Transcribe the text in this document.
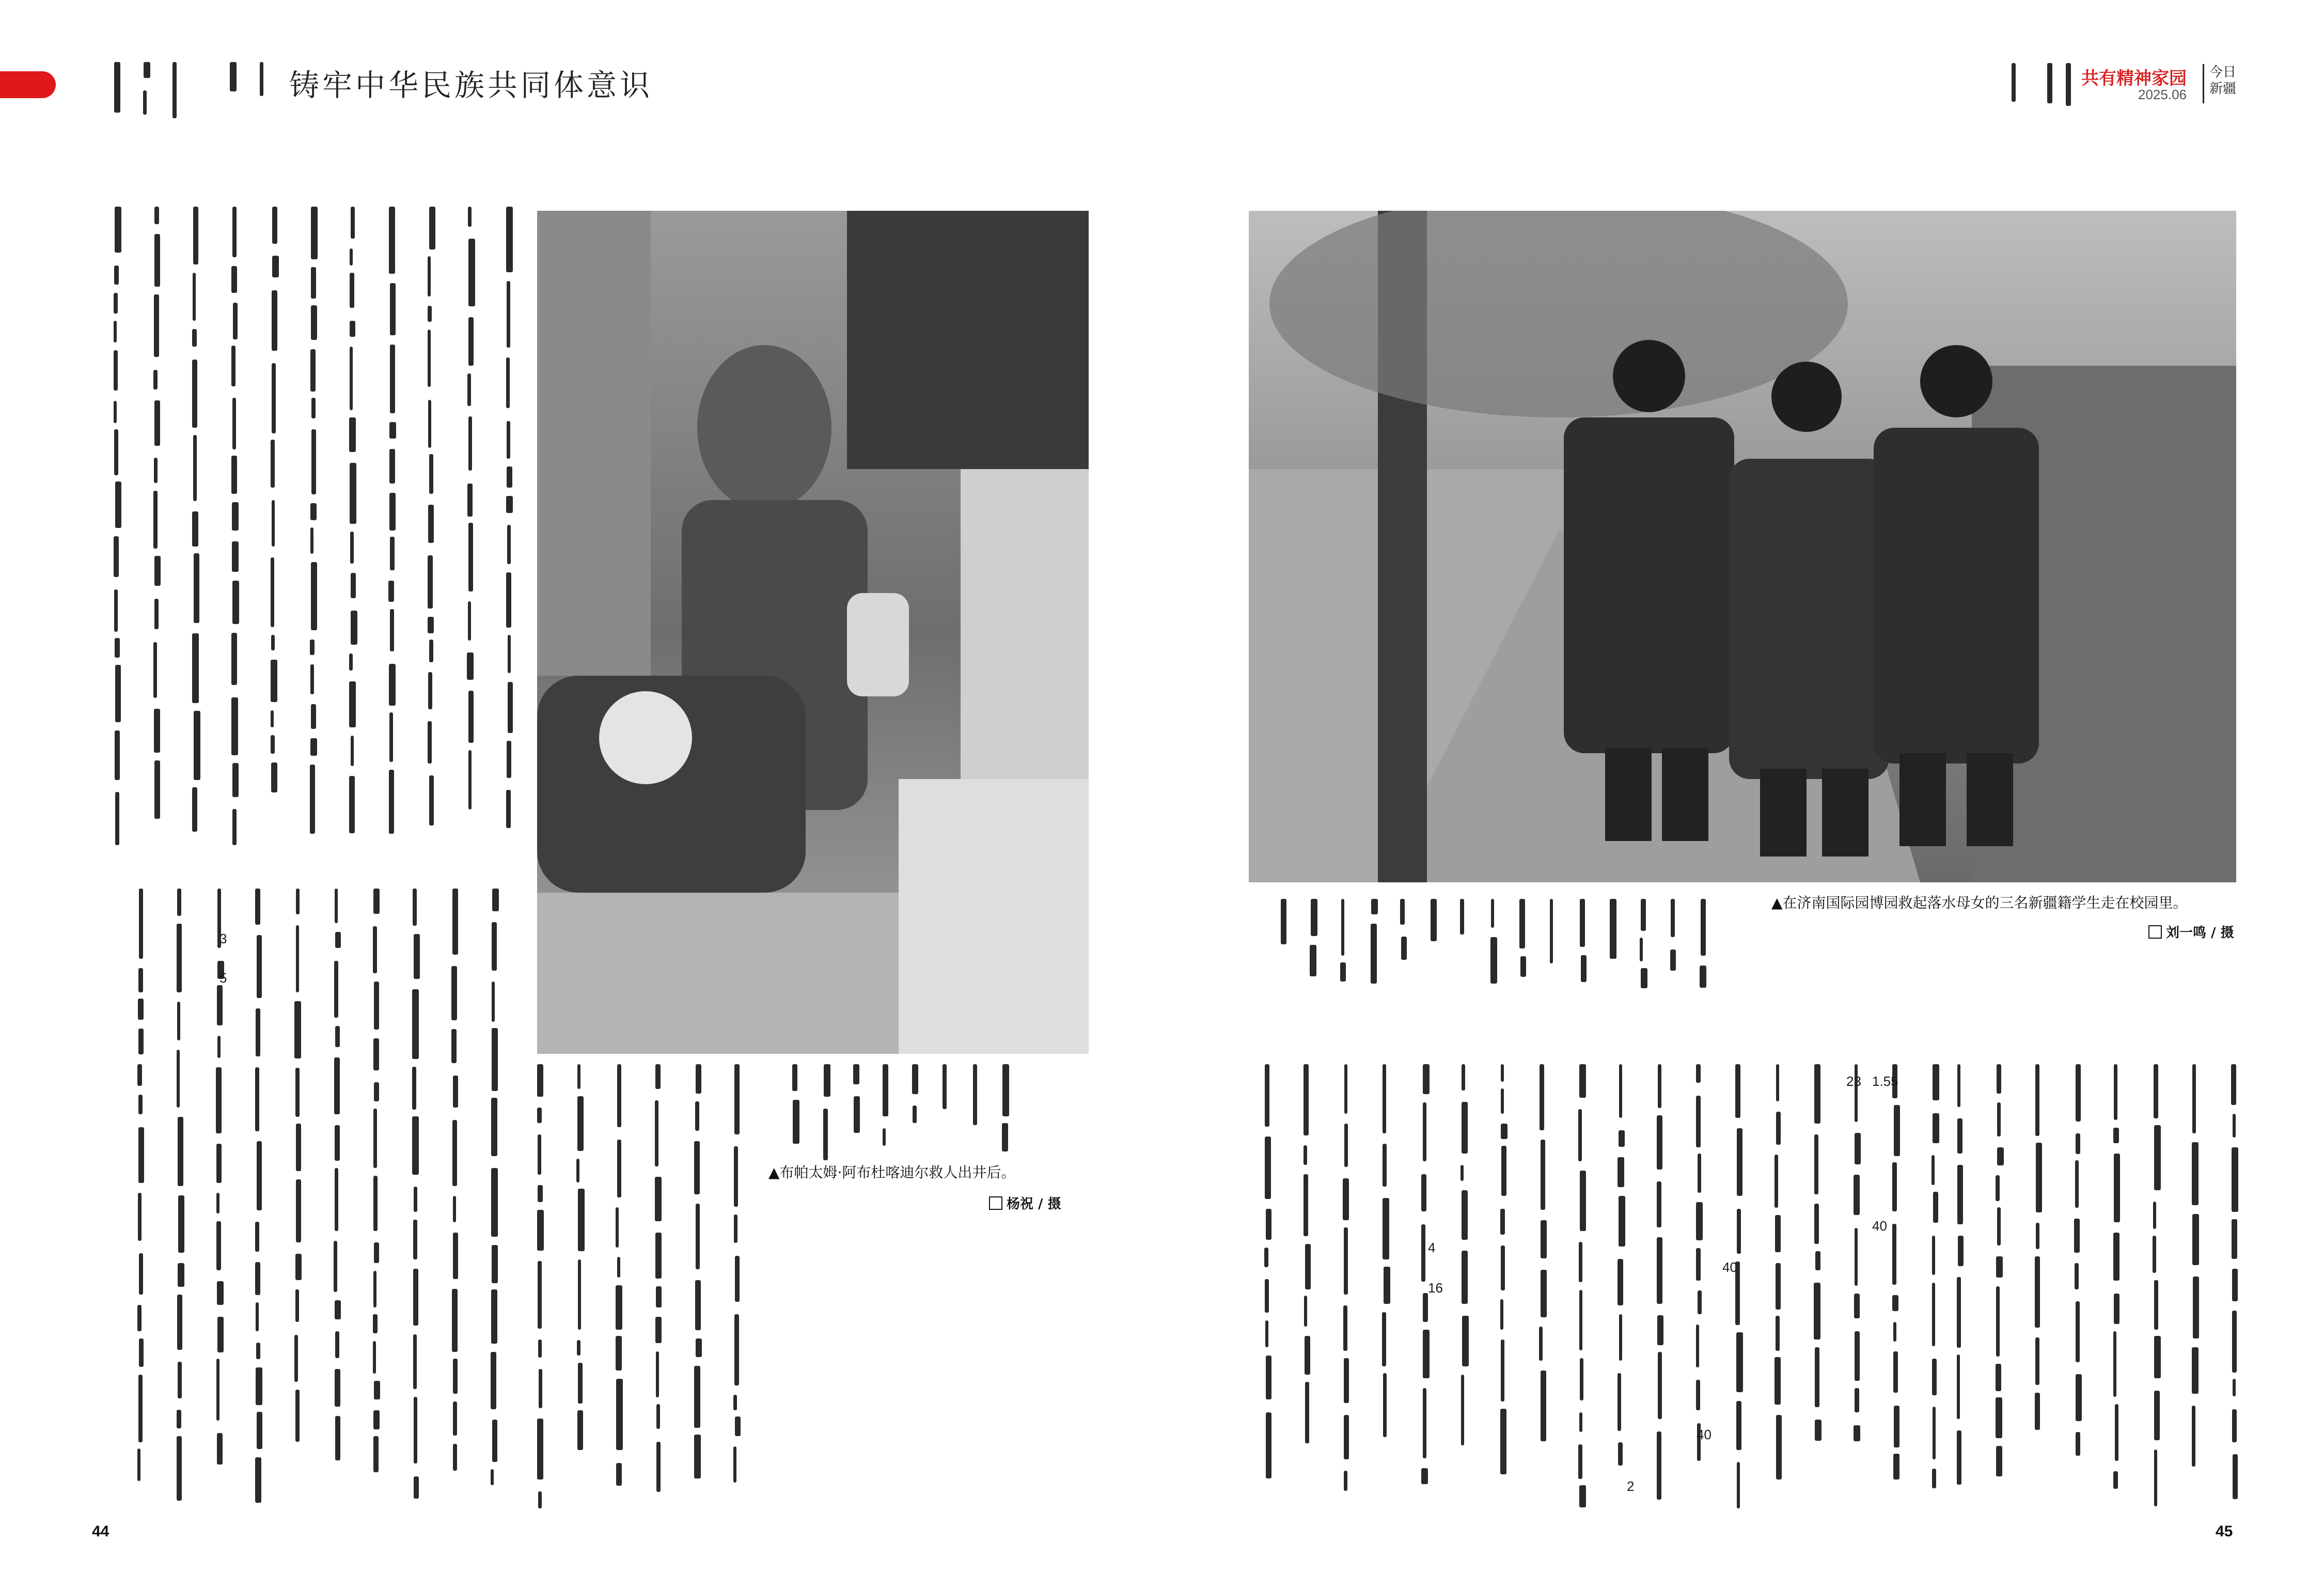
铸牢中华民族共同体意识	共有精神家园
2025.06
今日
新疆
▲布帕太姆·阿布杜喀迪尔救人出井后。
杨祝 / 摄
▲在济南国际园博园救起落水母女的三名新疆籍学生走在校园里。
刘一鸣 / 摄
3
5
4
16
40
40
2
23 1.55
40
44	45
